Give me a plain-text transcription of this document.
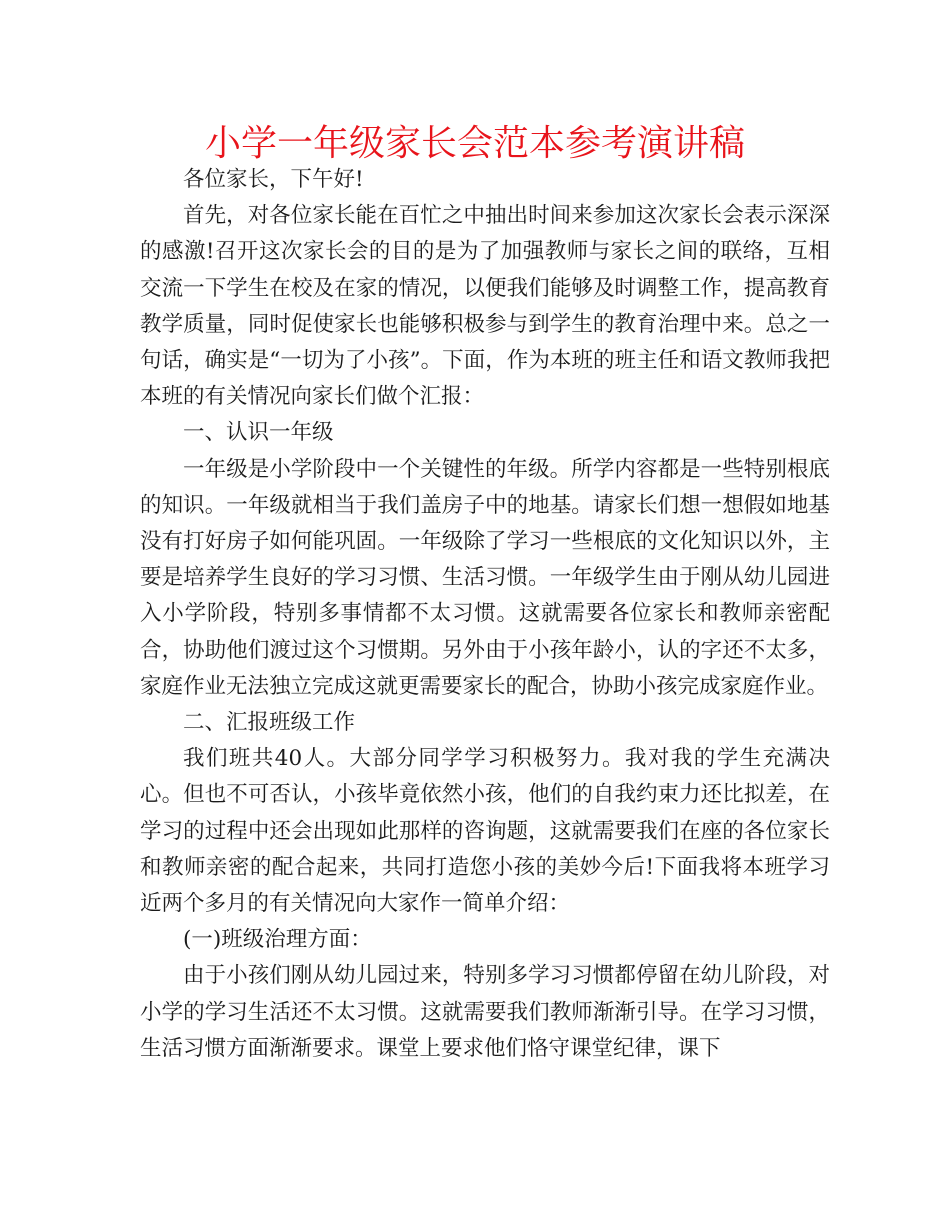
小学一年级家长会范本参考演讲稿

各位家长，下午好!

首先，对各位家长能在百忙之中抽出时间来参加这次家长会表示深深的感激!召开这次家长会的目的是为了加强教师与家长之间的联络，互相交流一下学生在校及在家的情况，以便我们能够及时调整工作，提高教育教学质量，同时促使家长也能够积极参与到学生的教育治理中来。总之一句话，确实是“一切为了小孩”。下面，作为本班的班主任和语文教师我把本班的有关情况向家长们做个汇报：

一、认识一年级

一年级是小学阶段中一个关键性的年级。所学内容都是一些特别根底的知识。一年级就相当于我们盖房子中的地基。请家长们想一想假如地基没有打好房子如何能巩固。一年级除了学习一些根底的文化知识以外，主要是培养学生良好的学习习惯、生活习惯。一年级学生由于刚从幼儿园进入小学阶段，特别多事情都不太习惯。这就需要各位家长和教师亲密配合，协助他们渡过这个习惯期。另外由于小孩年龄小，认的字还不太多，家庭作业无法独立完成这就更需要家长的配合，协助小孩完成家庭作业。

二、汇报班级工作

我们班共40人。大部分同学学习积极努力。我对我的学生充满决心。但也不可否认，小孩毕竟依然小孩，他们的自我约束力还比拟差，在学习的过程中还会出现如此那样的咨询题，这就需要我们在座的各位家长和教师亲密的配合起来，共同打造您小孩的美妙今后!下面我将本班学习近两个多月的有关情况向大家作一简单介绍：

(一)班级治理方面：

由于小孩们刚从幼儿园过来，特别多学习习惯都停留在幼儿阶段，对小学的学习生活还不太习惯。这就需要我们教师渐渐引导。在学习习惯，生活习惯方面渐渐要求。课堂上要求他们恪守课堂纪律，课下
